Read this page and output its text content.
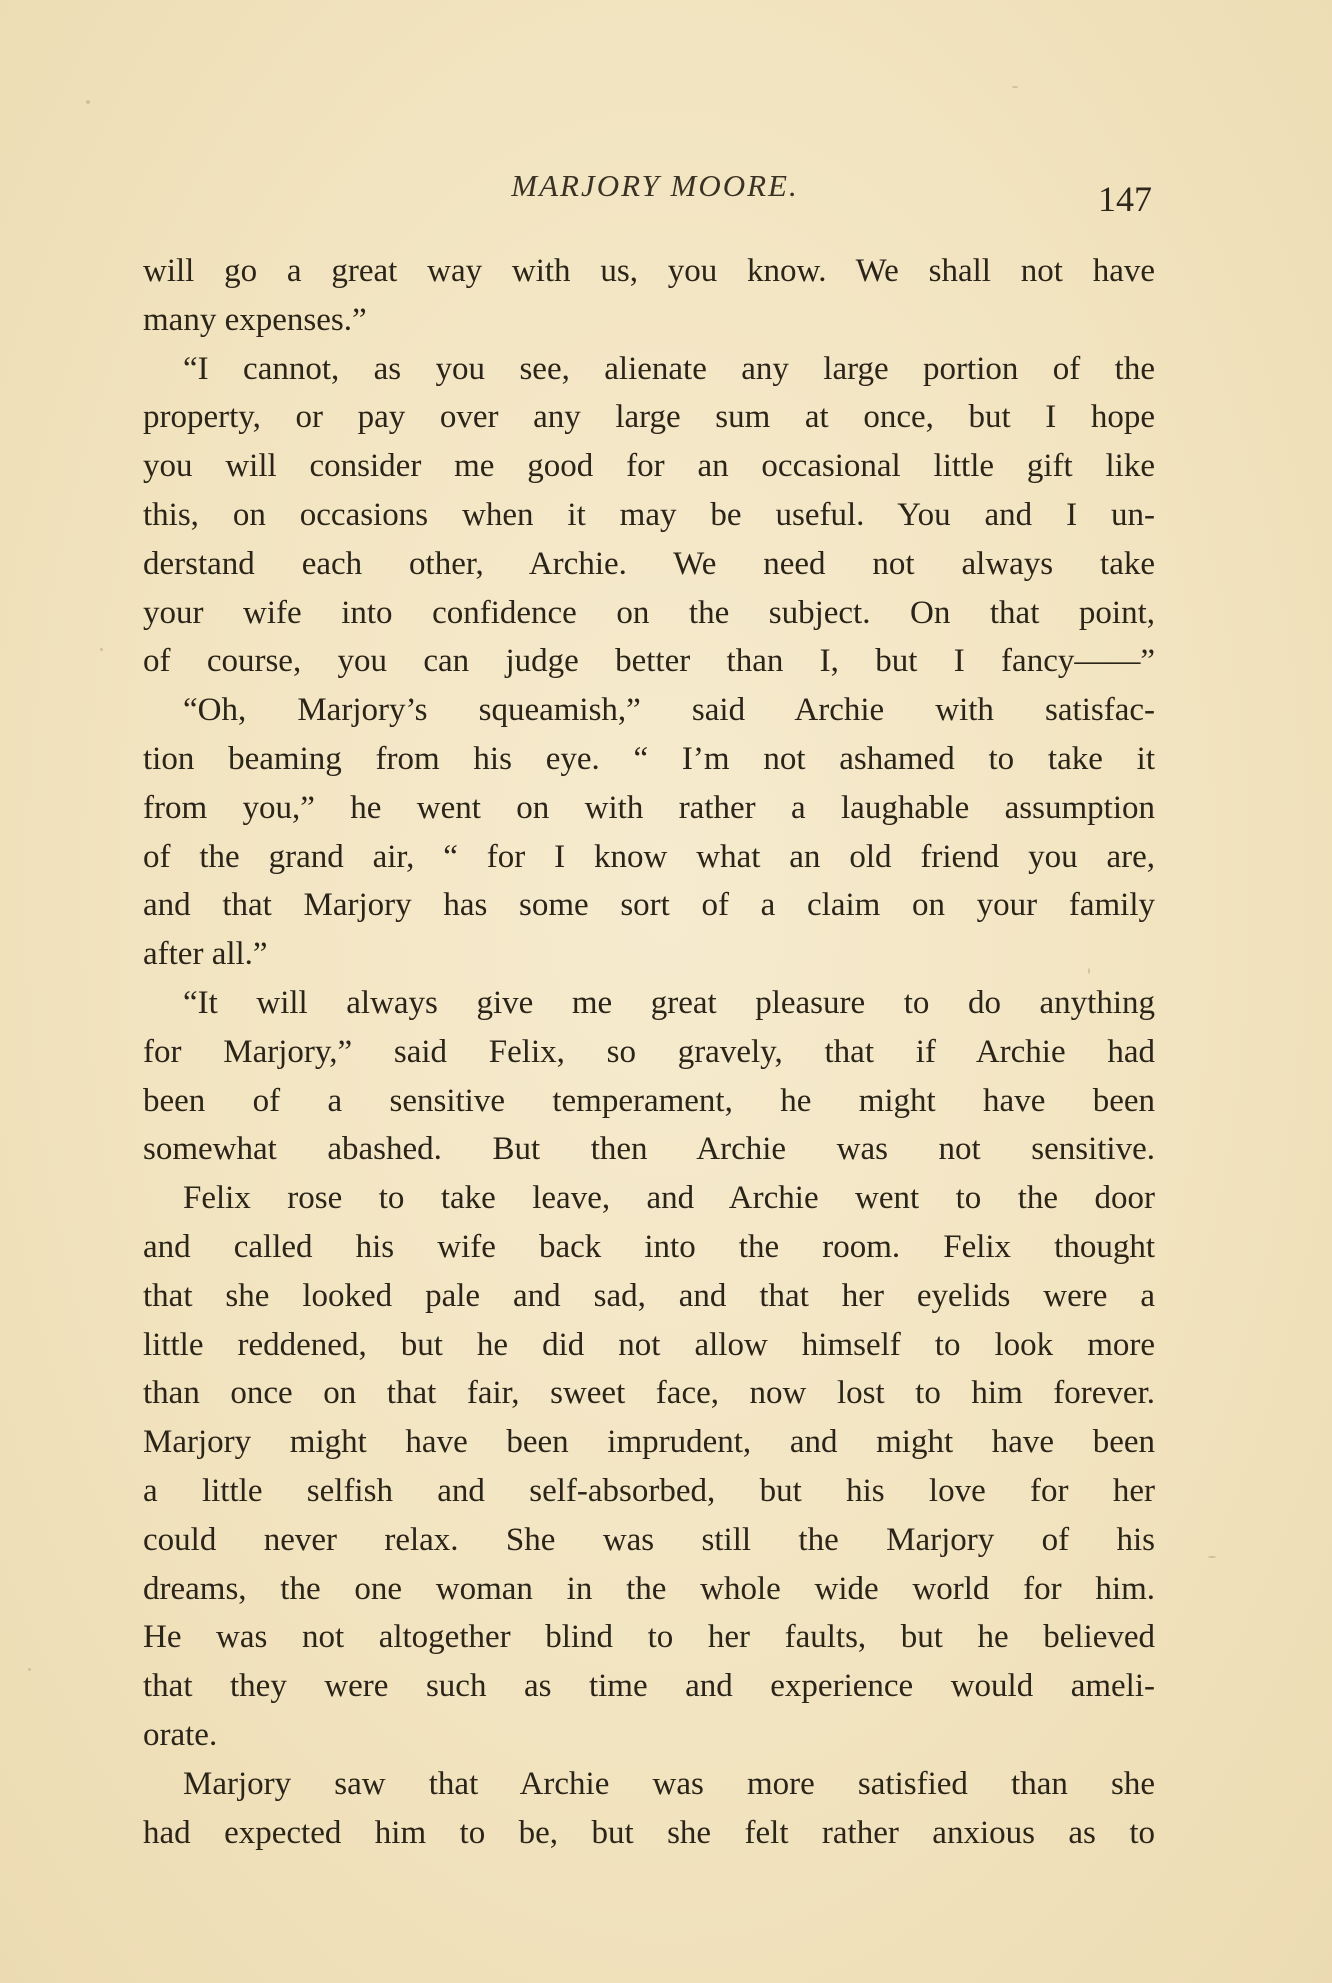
MARJORY MOORE.	147
will go a great way with us, you know. We shall not have
many expenses.”
“I cannot, as you see, alienate any large portion of the
property, or pay over any large sum at once, but I hope
you will consider me good for an occasional little gift like
this, on occasions when it may be useful. You and I un-
derstand each other, Archie. We need not always take
your wife into confidence on the subject. On that point,
of course, you can judge better than I, but I fancy——”
“Oh, Marjory’s squeamish,” said Archie with satisfac-
tion beaming from his eye. “ I’m not ashamed to take it
from you,” he went on with rather a laughable assumption
of the grand air, “ for I know what an old friend you are,
and that Marjory has some sort of a claim on your family
after all.”
“It will always give me great pleasure to do anything
for Marjory,” said Felix, so gravely, that if Archie had
been of a sensitive temperament, he might have been
somewhat abashed. But then Archie was not sensitive.
Felix rose to take leave, and Archie went to the door
and called his wife back into the room. Felix thought
that she looked pale and sad, and that her eyelids were a
little reddened, but he did not allow himself to look more
than once on that fair, sweet face, now lost to him forever.
Marjory might have been imprudent, and might have been
a little selfish and self-absorbed, but his love for her
could never relax. She was still the Marjory of his
dreams, the one woman in the whole wide world for him.
He was not altogether blind to her faults, but he believed
that they were such as time and experience would ameli-
orate.
Marjory saw that Archie was more satisfied than she
had expected him to be, but she felt rather anxious as to
